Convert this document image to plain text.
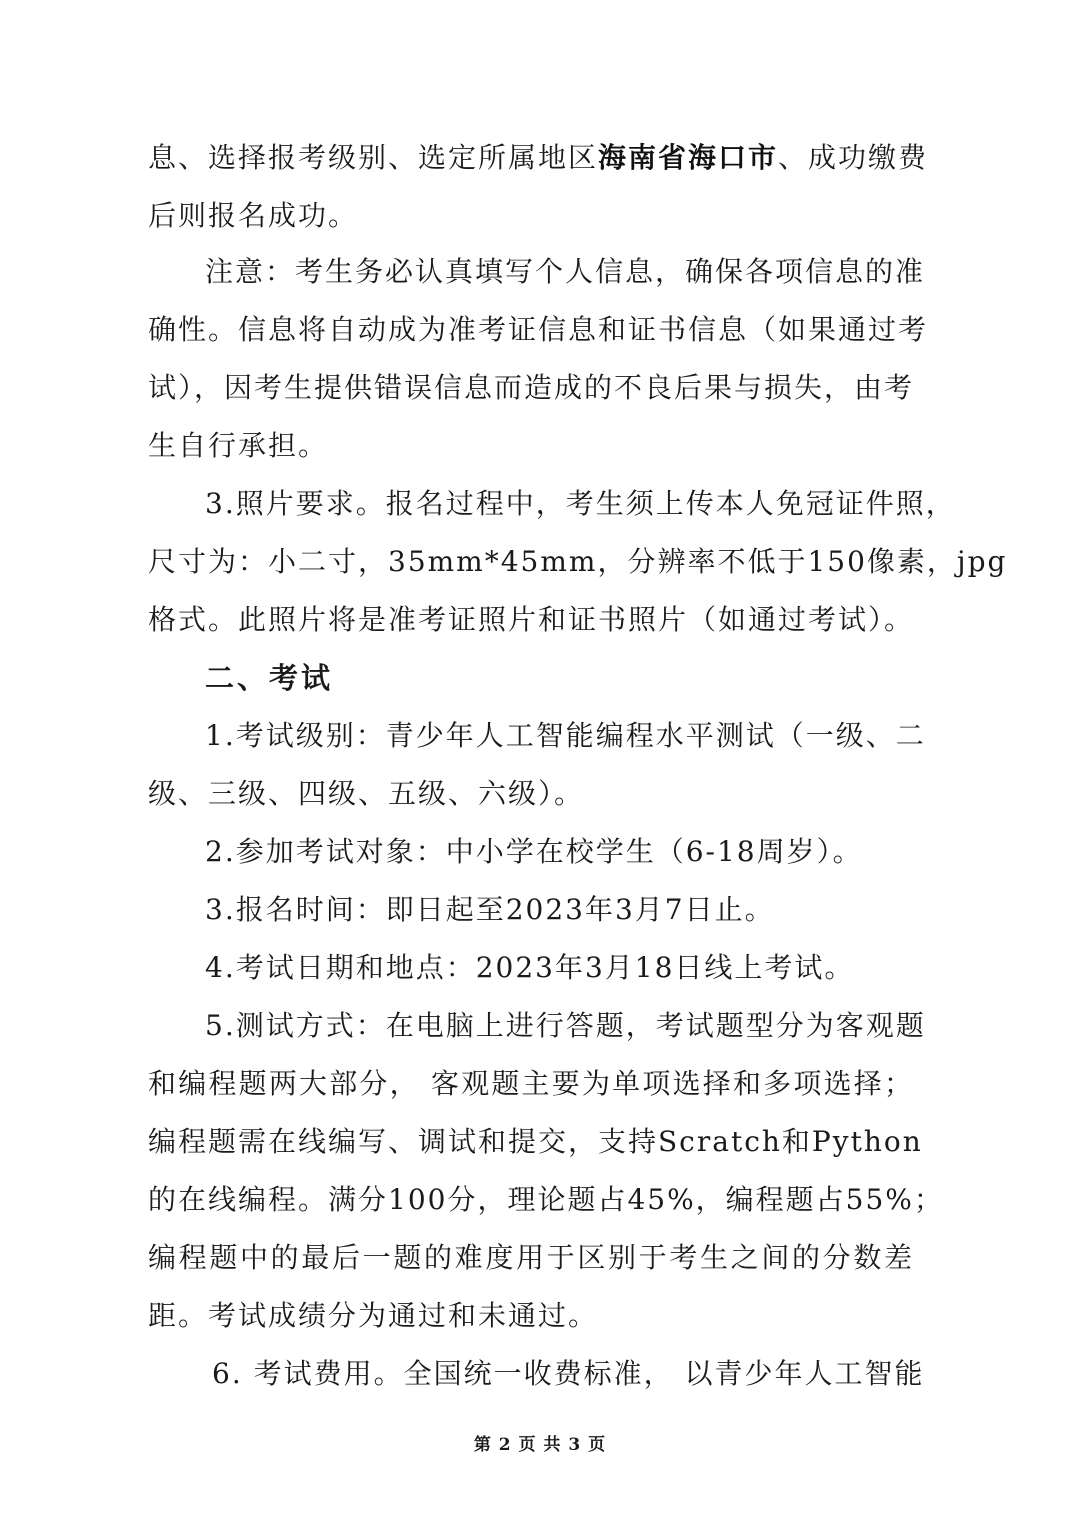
息、选择报考级别、选定所属地区海南省海口市、成功缴费
后则报名成功。
注意：考生务必认真填写个人信息，确保各项信息的准
确性。信息将自动成为准考证信息和证书信息（如果通过考
试），因考生提供错误信息而造成的不良后果与损失，由考
生自行承担。
3.照片要求。报名过程中，考生须上传本人免冠证件照，
尺寸为：小二寸，35mm*45mm，分辨率不低于150像素，jpg
格式。此照片将是准考证照片和证书照片（如通过考试）。
二、考试
1.考试级别：青少年人工智能编程水平测试（一级、二
级、三级、四级、五级、六级）。
2.参加考试对象：中小学在校学生（6-18周岁）。
3.报名时间：即日起至2023年3月7日止。
4.考试日期和地点：2023年3月18日线上考试。
5.测试方式：在电脑上进行答题，考试题型分为客观题
和编程题两大部分， 客观题主要为单项选择和多项选择；
编程题需在线编写、调试和提交，支持Scratch和Python
的在线编程。满分100分，理论题占45%，编程题占55%；
编程题中的最后一题的难度用于区别于考生之间的分数差
距。考试成绩分为通过和未通过。
6. 考试费用。全国统一收费标准， 以青少年人工智能
第 2 页 共 3 页
